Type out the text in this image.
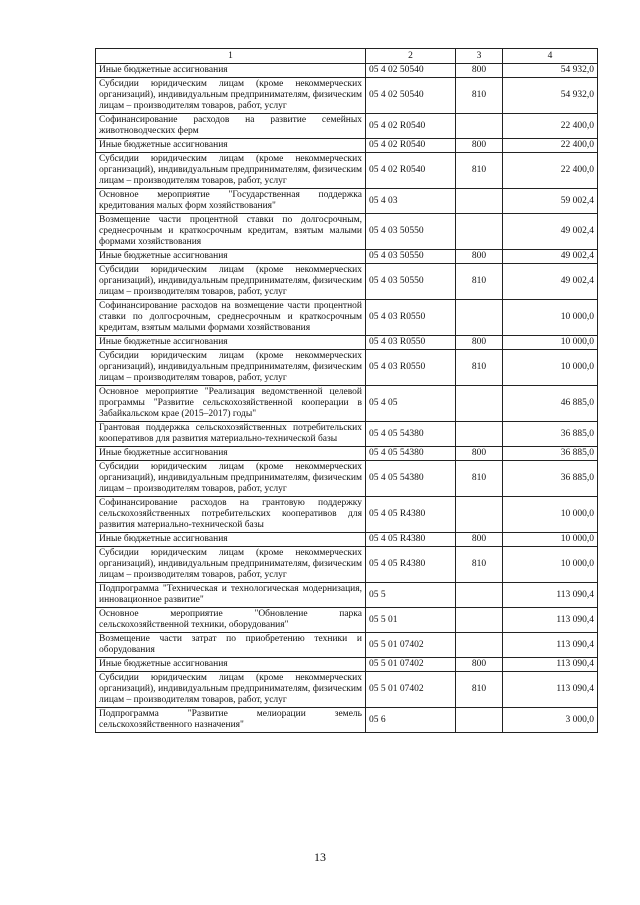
1	2	3	4
Иные бюджетные ассигнования	05 4 02 50540	800	54 932,0
Субсидии юридическим лицам (кроме некоммерческих организаций), индивидуальным предпринимателям, физическим лицам – производителям товаров, работ, услуг	05 4 02 50540	810	54 932,0
Софинансирование расходов на развитие семейных животноводческих ферм	05 4 02 R0540		22 400,0
Иные бюджетные ассигнования	05 4 02 R0540	800	22 400,0
Субсидии юридическим лицам (кроме некоммерческих организаций), индивидуальным предпринимателям, физическим лицам – производителям товаров, работ, услуг	05 4 02 R0540	810	22 400,0
Основное мероприятие "Государственная поддержка кредитования малых форм хозяйствования"	05 4 03		59 002,4
Возмещение части процентной ставки по долгосрочным, среднесрочным и краткосрочным кредитам, взятым малыми формами хозяйствования	05 4 03 50550		49 002,4
Иные бюджетные ассигнования	05 4 03 50550	800	49 002,4
Субсидии юридическим лицам (кроме некоммерческих организаций), индивидуальным предпринимателям, физическим лицам – производителям товаров, работ, услуг	05 4 03 50550	810	49 002,4
Софинансирование расходов на возмещение части процентной ставки по долгосрочным, среднесрочным и краткосрочным кредитам, взятым малыми формами хозяйствования	05 4 03 R0550		10 000,0
Иные бюджетные ассигнования	05 4 03 R0550	800	10 000,0
Субсидии юридическим лицам (кроме некоммерческих организаций), индивидуальным предпринимателям, физическим лицам – производителям товаров, работ, услуг	05 4 03 R0550	810	10 000,0
Основное мероприятие "Реализация ведомственной целевой программы "Развитие сельскохозяйственной кооперации в Забайкальском крае (2015–2017) годы"	05 4 05		46 885,0
Грантовая поддержка сельскохозяйственных потребительских кооперативов для развития материально-технической базы	05 4 05 54380		36 885,0
Иные бюджетные ассигнования	05 4 05 54380	800	36 885,0
Субсидии юридическим лицам (кроме некоммерческих организаций), индивидуальным предпринимателям, физическим лицам – производителям товаров, работ, услуг	05 4 05 54380	810	36 885,0
Софинансирование расходов на грантовую поддержку сельскохозяйственных потребительских кооперативов для развития материально-технической базы	05 4 05 R4380		10 000,0
Иные бюджетные ассигнования	05 4 05 R4380	800	10 000,0
Субсидии юридическим лицам (кроме некоммерческих организаций), индивидуальным предпринимателям, физическим лицам – производителям товаров, работ, услуг	05 4 05 R4380	810	10 000,0
Подпрограмма "Техническая и технологическая модернизация, инновационное развитие"	05 5		113 090,4
Основное мероприятие "Обновление парка сельскохозяйственной техники, оборудования"	05 5 01		113 090,4
Возмещение части затрат по приобретению техники и оборудования	05 5 01 07402		113 090,4
Иные бюджетные ассигнования	05 5 01 07402	800	113 090,4
Субсидии юридическим лицам (кроме некоммерческих организаций), индивидуальным предпринимателям, физическим лицам – производителям товаров, работ, услуг	05 5 01 07402	810	113 090,4
Подпрограмма "Развитие мелиорации земель сельскохозяйственного назначения"	05 6		3 000,0
13
